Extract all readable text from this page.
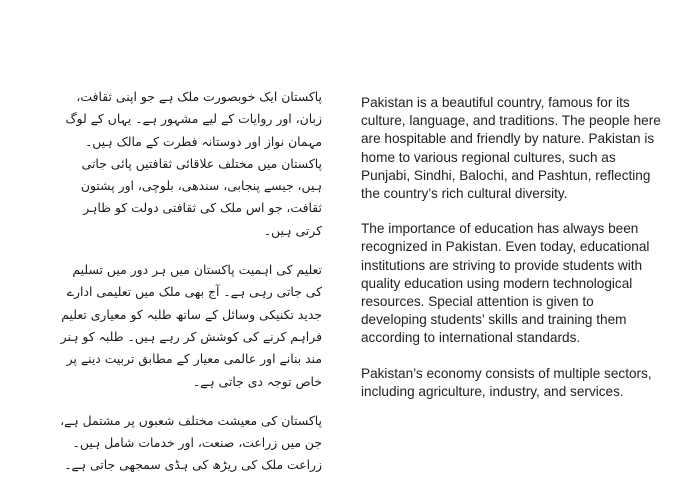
پاکستان ایک خوبصورت ملک ہے جو اپنی ثقافت، زبان، اور روایات کے لیے مشہور ہے۔ یہاں کے لوگ مہمان نواز اور دوستانہ فطرت کے مالک ہیں۔ پاکستان میں مختلف علاقائی ثقافتیں پائی جاتی ہیں، جیسے پنجابی، سندھی، بلوچی، اور پشتون ثقافت، جو اس ملک کی ثقافتی دولت کو ظاہر کرتی ہیں۔

تعلیم کی اہمیت پاکستان میں ہر دور میں تسلیم کی جاتی رہی ہے۔ آج بھی ملک میں تعلیمی ادارے جدید تکنیکی وسائل کے ساتھ طلبہ کو معیاری تعلیم فراہم کرنے کی کوشش کر رہے ہیں۔ طلبہ کو ہنر مند بنانے اور عالمی معیار کے مطابق تربیت دینے پر خاص توجہ دی جاتی ہے۔

پاکستان کی معیشت مختلف شعبوں پر مشتمل ہے، جن میں زراعت، صنعت، اور خدمات شامل ہیں۔ زراعت ملک کی ریڑھ کی ہڈی سمجھی جاتی ہے۔

Pakistan is a beautiful country, famous for its culture, language, and traditions. The people here are hospitable and friendly by nature. Pakistan is home to various regional cultures, such as Punjabi, Sindhi, Balochi, and Pashtun, reflecting the country’s rich cultural diversity.

The importance of education has always been recognized in Pakistan. Even today, educational institutions are striving to provide students with quality education using modern technological resources. Special attention is given to developing students’ skills and training them according to international standards.

Pakistan’s economy consists of multiple sectors, including agriculture, industry, and services.
